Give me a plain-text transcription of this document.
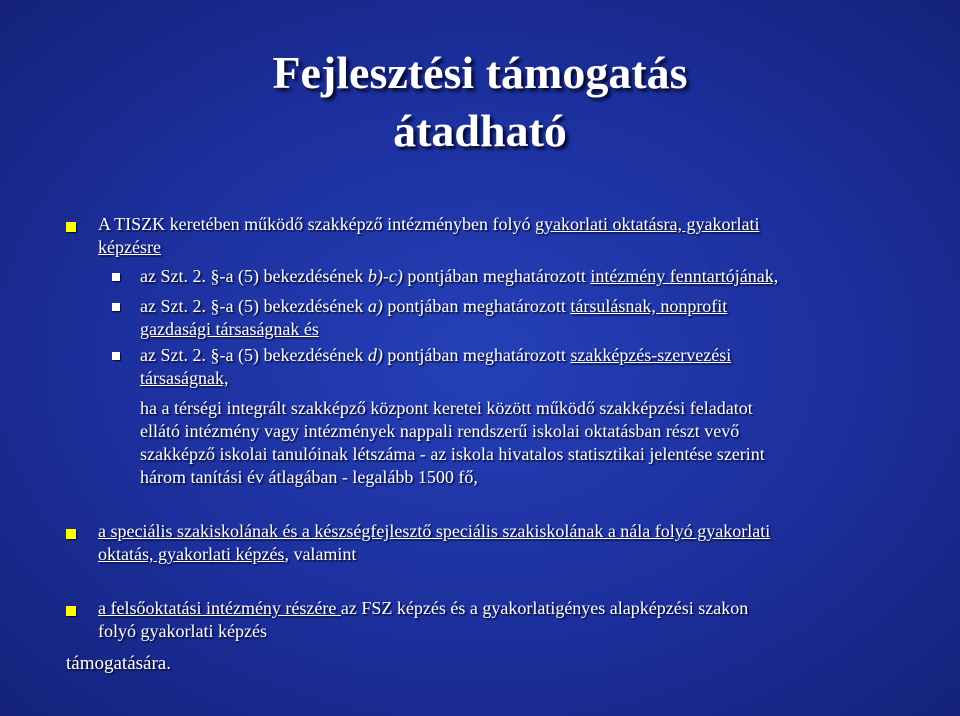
Fejlesztési támogatás
átadható
A TISZK keretében működő szakképző intézményben folyó gyakorlati oktatásra, gyakorlati
képzésre
az Szt. 2. §-a (5) bekezdésének b)-c) pontjában meghatározott intézmény fenntartójának,
az Szt. 2. §-a (5) bekezdésének a) pontjában meghatározott társulásnak, nonprofit
gazdasági társaságnak és
az Szt. 2. §-a (5) bekezdésének d) pontjában meghatározott szakképzés-szervezési
társaságnak,
ha a térségi integrált szakképző központ keretei között működő szakképzési feladatot
ellátó intézmény vagy intézmények nappali rendszerű iskolai oktatásban részt vevő
szakképző iskolai tanulóinak létszáma - az iskola hivatalos statisztikai jelentése szerint
három tanítási év átlagában - legalább 1500 fő,
a speciális szakiskolának és a készségfejlesztő speciális szakiskolának a nála folyó gyakorlati
oktatás, gyakorlati képzés, valamint
a felsőoktatási intézmény részére az FSZ képzés és a gyakorlatigényes alapképzési szakon
folyó gyakorlati képzés
támogatására.
